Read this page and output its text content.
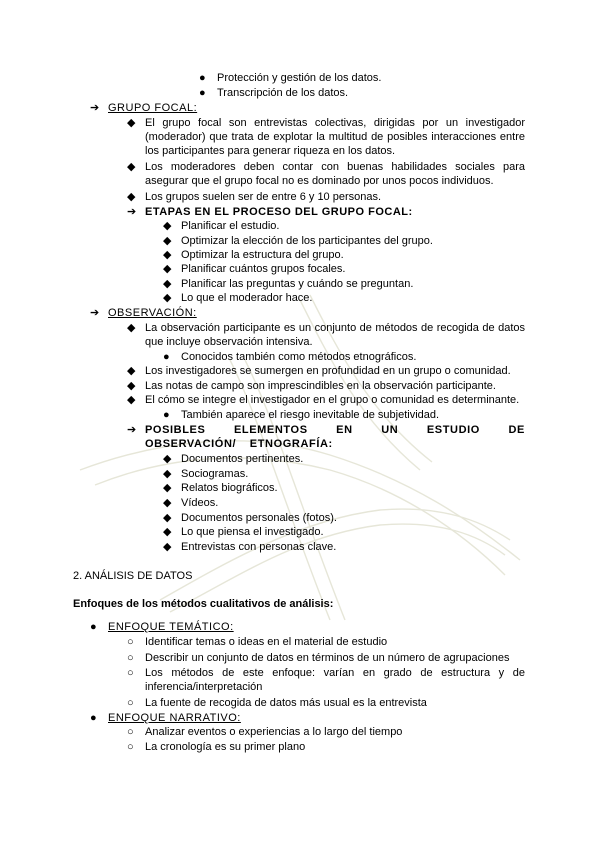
● Protección y gestión de los datos.
● Transcripción de los datos.
➔ GRUPO FOCAL:
◆ El grupo focal son entrevistas colectivas, dirigidas por un investigador (moderador) que trata de explotar la multitud de posibles interacciones entre los participantes para generar riqueza en los datos.
◆ Los moderadores deben contar con buenas habilidades sociales para asegurar que el grupo focal no es dominado por unos pocos individuos.
◆ Los grupos suelen ser de entre 6 y 10 personas.
➔ ETAPAS EN EL PROCESO DEL GRUPO FOCAL:
◆ Planificar el estudio.
◆ Optimizar la elección de los participantes del grupo.
◆ Optimizar la estructura del grupo.
◆ Planificar cuántos grupos focales.
◆ Planificar las preguntas y cuándo se preguntan.
◆ Lo que el moderador hace.
➔ OBSERVACIÓN:
◆ La observación participante es un conjunto de métodos de recogida de datos que incluye observación intensiva.
● Conocidos también como métodos etnográficos.
◆ Los investigadores se sumergen en profundidad en un grupo o comunidad.
◆ Las notas de campo son imprescindibles en la observación participante.
◆ El cómo se integre el investigador en el grupo o comunidad es determinante.
● También aparece el riesgo inevitable de subjetividad.
➔ POSIBLES ELEMENTOS EN UN ESTUDIO DE OBSERVACIÓN/ ETNOGRAFÍA:
◆ Documentos pertinentes.
◆ Sociogramas.
◆ Relatos biográficos.
◆ Vídeos.
◆ Documentos personales (fotos).
◆ Lo que piensa el investigado.
◆ Entrevistas con personas clave.
2. ANÁLISIS DE DATOS
Enfoques de los métodos cualitativos de análisis:
● ENFOQUE TEMÁTICO:
○ Identificar temas o ideas en el material de estudio
○ Describir un conjunto de datos en términos de un número de agrupaciones
○ Los métodos de este enfoque: varían en grado de estructura y de inferencia/interpretación
○ La fuente de recogida de datos más usual es la entrevista
● ENFOQUE NARRATIVO:
○ Analizar eventos o experiencias a lo largo del tiempo
○ La cronología es su primer plano
